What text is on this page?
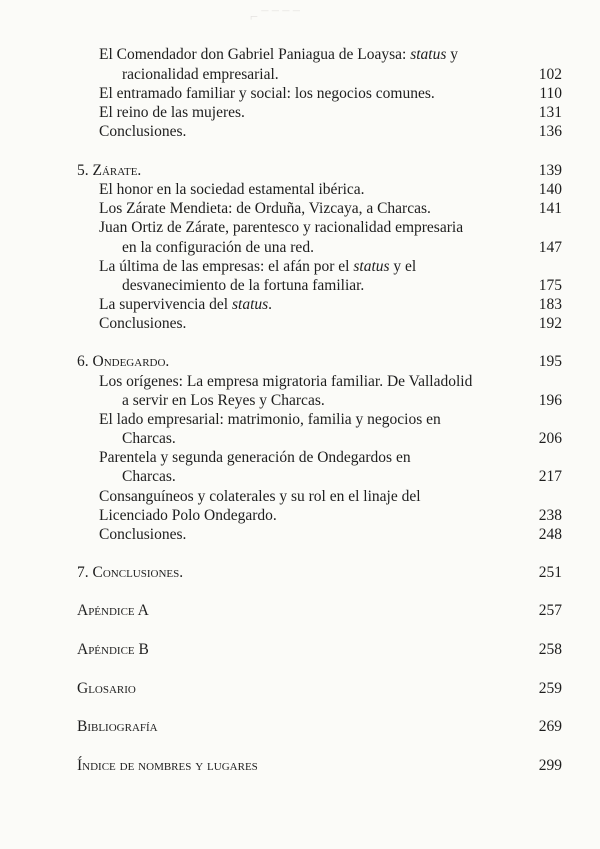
⌐ ¯ ¯ ¯ ¯
El Comendador don Gabriel Paniagua de Loaysa: status y
racionalidad empresarial.	102
El entramado familiar y social: los negocios comunes.	110
El reino de las mujeres.	131
Conclusiones.	136
5. Zárate.	139
El honor en la sociedad estamental ibérica.	140
Los Zárate Mendieta: de Orduña, Vizcaya, a Charcas.	141
Juan Ortiz de Zárate, parentesco y racionalidad empresaria
en la configuración de una red.	147
La última de las empresas: el afán por el status y el
desvanecimiento de la fortuna familiar.	175
La supervivencia del status.	183
Conclusiones.	192
6. Ondegardo.	195
Los orígenes: La empresa migratoria familiar. De Valladolid
a servir en Los Reyes y Charcas.	196
El lado empresarial: matrimonio, familia y negocios en
Charcas.	206
Parentela y segunda generación de Ondegardos en
Charcas.	217
Consanguíneos y colaterales y su rol en el linaje del
Licenciado Polo Ondegardo.	238
Conclusiones.	248
7. Conclusiones.	251
Apéndice A	257
Apéndice B	258
Glosario	259
Bibliografía	269
Índice de nombres y lugares	299
